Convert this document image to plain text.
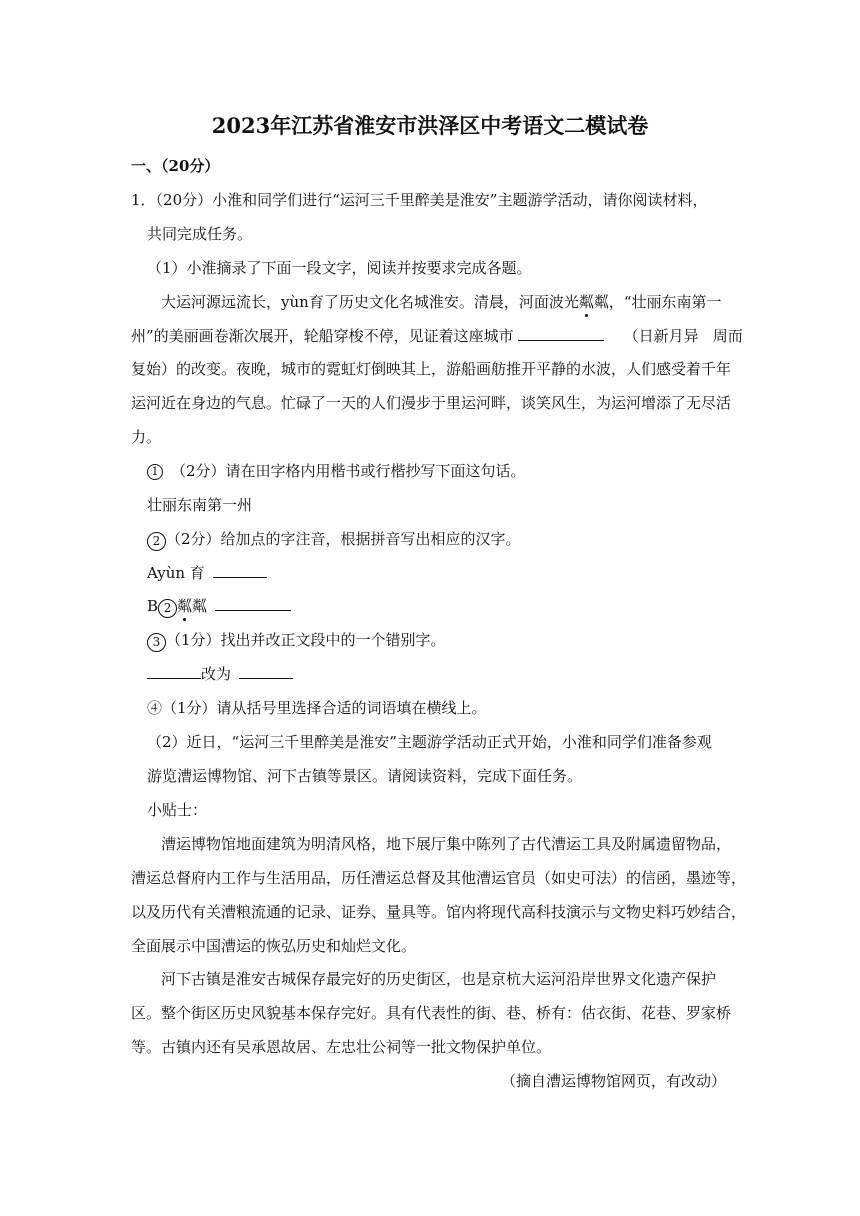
2023年江苏省淮安市洪泽区中考语文二模试卷
一、（20分）
1．（20分）小淮和同学们进行“运河三千里醉美是淮安”主题游学活动，请你阅读材料，
共同完成任务。
（1）小淮摘录了下面一段文字，阅读并按要求完成各题。
大运河源远流长，yùn育了历史文化名城淮安。清晨，河面波光粼粼，“壮丽东南第一
州”的美丽画卷渐次展开，轮船穿梭不停，见证着这座城市	（日新月异 周而
复始）的改变。夜晚，城市的霓虹灯倒映其上，游船画舫推开平静的水波，人们感受着千年
运河近在身边的气息。忙碌了一天的人们漫步于里运河畔，谈笑风生，为运河增添了无尽活
力。
1 （2分）请在田字格内用楷书或行楷抄写下面这句话。
壮丽东南第一州
2 （2分）给加点的字注音，根据拼音写出相应的汉字。
Ayùn 育
B 2 粼粼
3 （1分）找出并改正文段中的一个错别字。
改为
④（1分）请从括号里选择合适的词语填在横线上。
（2）近日，“运河三千里醉美是淮安”主题游学活动正式开始，小淮和同学们准备参观
游览漕运博物馆、河下古镇等景区。请阅读资料，完成下面任务。
小贴士：
漕运博物馆地面建筑为明清风格，地下展厅集中陈列了古代漕运工具及附属遗留物品，
漕运总督府内工作与生活用品，历任漕运总督及其他漕运官员（如史可法）的信函，墨迹等，
以及历代有关漕粮流通的记录、证券、量具等。馆内将现代高科技演示与文物史料巧妙结合，
全面展示中国漕运的恢弘历史和灿烂文化。
河下古镇是淮安古城保存最完好的历史街区，也是京杭大运河沿岸世界文化遗产保护
区。整个街区历史风貌基本保存完好。具有代表性的街、巷、桥有：估衣街、花巷、罗家桥
等。古镇内还有吴承恩故居、左忠壮公祠等一批文物保护单位。
（摘自漕运博物馆网页，有改动）
